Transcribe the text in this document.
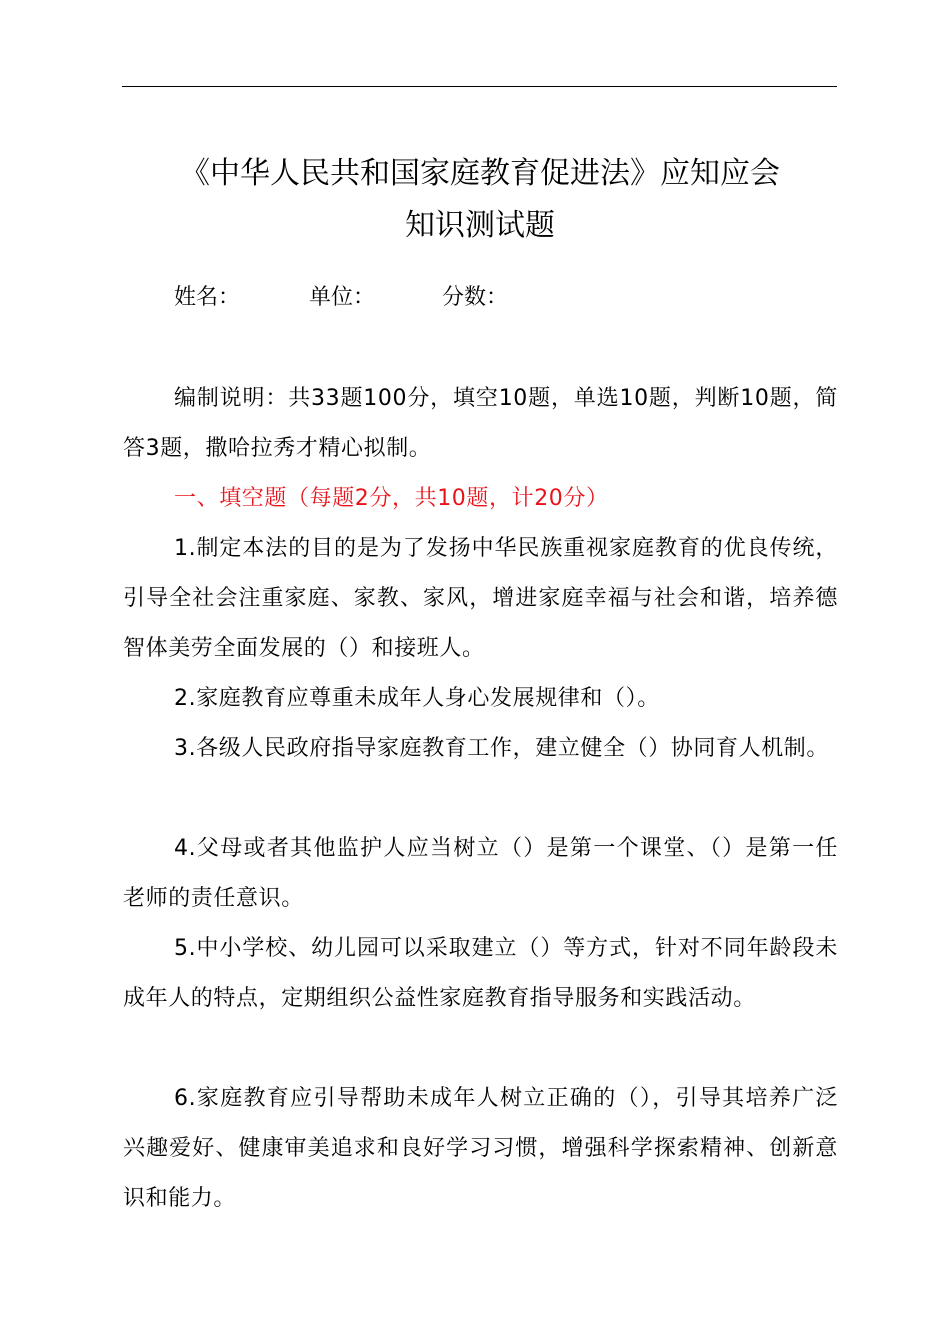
《中华人民共和国家庭教育促进法》应知应会
知识测试题
姓名：	单位：	分数：
编制说明：共33题100分，填空10题，单选10题，判断10题，简答3题，撒哈拉秀才精心拟制。
一、填空题（每题2分，共10题，计20分）
1.制定本法的目的是为了发扬中华民族重视家庭教育的优良传统，引导全社会注重家庭、家教、家风，增进家庭幸福与社会和谐，培养德智体美劳全面发展的（）和接班人。
2.家庭教育应尊重未成年人身心发展规律和（）。
3.各级人民政府指导家庭教育工作，建立健全（）协同育人机制。
4.父母或者其他监护人应当树立（）是第一个课堂、（）是第一任老师的责任意识。
5.中小学校、幼儿园可以采取建立（）等方式，针对不同年龄段未成年人的特点，定期组织公益性家庭教育指导服务和实践活动。
6.家庭教育应引导帮助未成年人树立正确的（），引导其培养广泛兴趣爱好、健康审美追求和良好学习习惯，增强科学探索精神、创新意识和能力。
